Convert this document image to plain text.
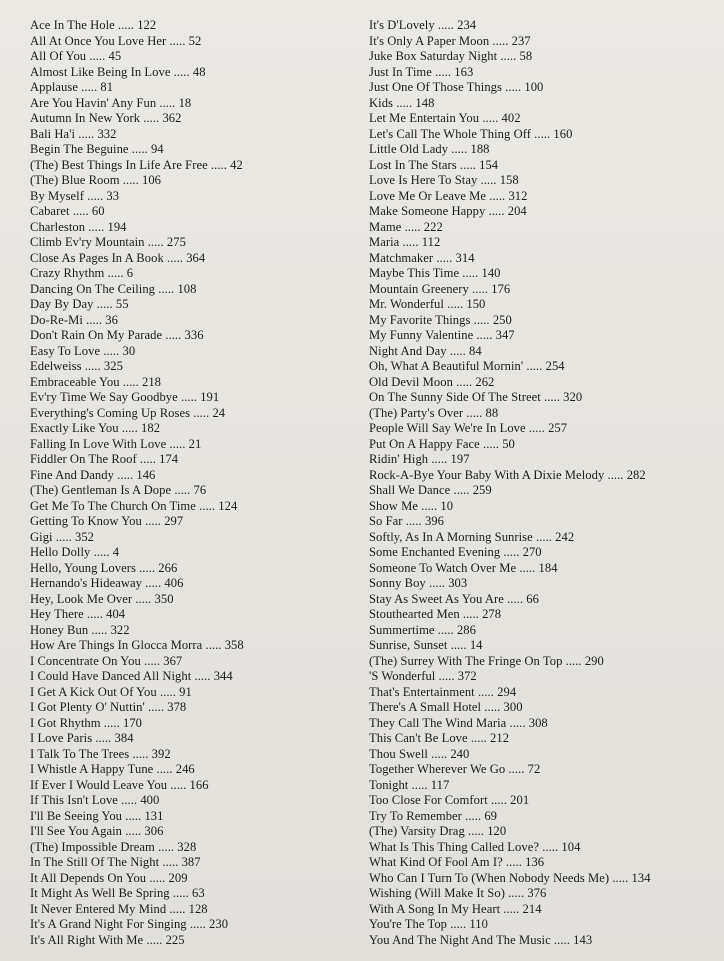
Ace In The Hole ..... 122
All At Once You Love Her ..... 52
All Of You ..... 45
Almost Like Being In Love ..... 48
Applause ..... 81
Are You Havin' Any Fun ..... 18
Autumn In New York ..... 362
Bali Ha'i ..... 332
Begin The Beguine ..... 94
(The) Best Things In Life Are Free ..... 42
(The) Blue Room ..... 106
By Myself ..... 33
Cabaret ..... 60
Charleston ..... 194
Climb Ev'ry Mountain ..... 275
Close As Pages In A Book ..... 364
Crazy Rhythm ..... 6
Dancing On The Ceiling ..... 108
Day By Day ..... 55
Do-Re-Mi ..... 36
Don't Rain On My Parade ..... 336
Easy To Love ..... 30
Edelweiss ..... 325
Embraceable You ..... 218
Ev'ry Time We Say Goodbye ..... 191
Everything's Coming Up Roses ..... 24
Exactly Like You ..... 182
Falling In Love With Love ..... 21
Fiddler On The Roof ..... 174
Fine And Dandy ..... 146
(The) Gentleman Is A Dope ..... 76
Get Me To The Church On Time ..... 124
Getting To Know You ..... 297
Gigi ..... 352
Hello Dolly ..... 4
Hello, Young Lovers ..... 266
Hernando's Hideaway ..... 406
Hey, Look Me Over ..... 350
Hey There ..... 404
Honey Bun ..... 322
How Are Things In Glocca Morra ..... 358
I Concentrate On You ..... 367
I Could Have Danced All Night ..... 344
I Get A Kick Out Of You ..... 91
I Got Plenty O' Nuttin' ..... 378
I Got Rhythm ..... 170
I Love Paris ..... 384
I Talk To The Trees ..... 392
I Whistle A Happy Tune ..... 246
If Ever I Would Leave You ..... 166
If This Isn't Love ..... 400
I'll Be Seeing You ..... 131
I'll See You Again ..... 306
(The) Impossible Dream ..... 328
In The Still Of The Night ..... 387
It All Depends On You ..... 209
It Might As Well Be Spring ..... 63
It Never Entered My Mind ..... 128
It's A Grand Night For Singing ..... 230
It's All Right With Me ..... 225
It's D'Lovely ..... 234
It's Only A Paper Moon ..... 237
Juke Box Saturday Night ..... 58
Just In Time ..... 163
Just One Of Those Things ..... 100
Kids ..... 148
Let Me Entertain You ..... 402
Let's Call The Whole Thing Off ..... 160
Little Old Lady ..... 188
Lost In The Stars ..... 154
Love Is Here To Stay ..... 158
Love Me Or Leave Me ..... 312
Make Someone Happy ..... 204
Mame ..... 222
Maria ..... 112
Matchmaker ..... 314
Maybe This Time ..... 140
Mountain Greenery ..... 176
Mr. Wonderful ..... 150
My Favorite Things ..... 250
My Funny Valentine ..... 347
Night And Day ..... 84
Oh, What A Beautiful Mornin' ..... 254
Old Devil Moon ..... 262
On The Sunny Side Of The Street ..... 320
(The) Party's Over ..... 88
People Will Say We're In Love ..... 257
Put On A Happy Face ..... 50
Ridin' High ..... 197
Rock-A-Bye Your Baby With A Dixie Melody ..... 282
Shall We Dance ..... 259
Show Me ..... 10
So Far ..... 396
Softly, As In A Morning Sunrise ..... 242
Some Enchanted Evening ..... 270
Someone To Watch Over Me ..... 184
Sonny Boy ..... 303
Stay As Sweet As You Are ..... 66
Stouthearted Men ..... 278
Summertime ..... 286
Sunrise, Sunset ..... 14
(The) Surrey With The Fringe On Top ..... 290
'S Wonderful ..... 372
That's Entertainment ..... 294
There's A Small Hotel ..... 300
They Call The Wind Maria ..... 308
This Can't Be Love ..... 212
Thou Swell ..... 240
Together Wherever We Go ..... 72
Tonight ..... 117
Too Close For Comfort ..... 201
Try To Remember ..... 69
(The) Varsity Drag ..... 120
What Is This Thing Called Love? ..... 104
What Kind Of Fool Am I? ..... 136
Who Can I Turn To (When Nobody Needs Me) ..... 134
Wishing (Will Make It So) ..... 376
With A Song In My Heart ..... 214
You're The Top ..... 110
You And The Night And The Music ..... 143
